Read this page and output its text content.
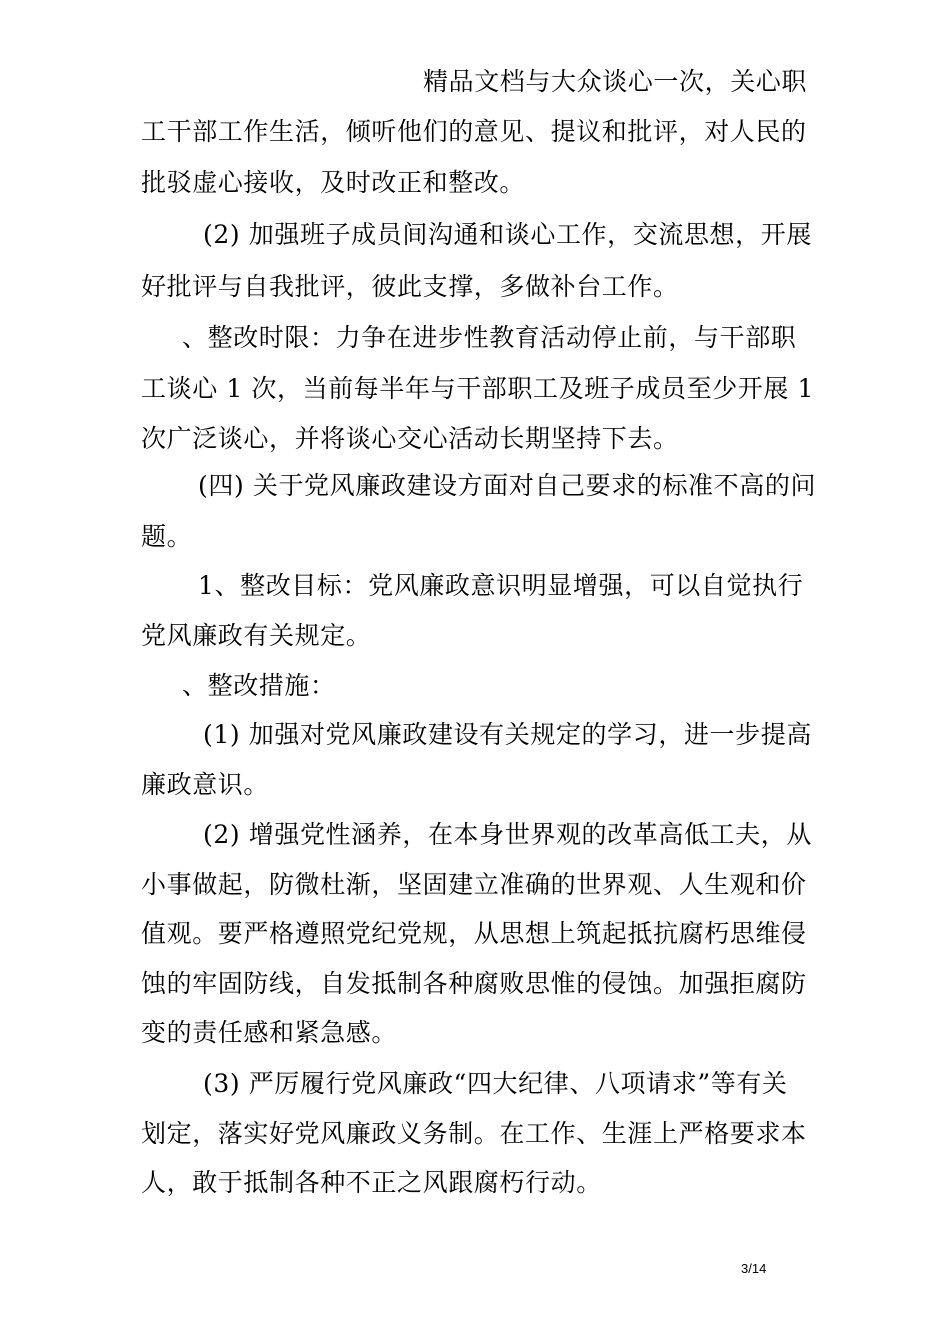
精品文档与大众谈心一次，关心职
工干部工作生活，倾听他们的意见、提议和批评，对人民的
批驳虚心接收，及时改正和整改。
(2) 加强班子成员间沟通和谈心工作，交流思想，开展
好批评与自我批评，彼此支撑，多做补台工作。
、整改时限：力争在进步性教育活动停止前，与干部职
工谈心 1 次，当前每半年与干部职工及班子成员至少开展 1
次广泛谈心，并将谈心交心活动长期坚持下去。
(四) 关于党风廉政建设方面对自己要求的标准不高的问
题。
1、整改目标：党风廉政意识明显增强，可以自觉执行
党风廉政有关规定。
、整改措施：
(1) 加强对党风廉政建设有关规定的学习，进一步提高
廉政意识。
(2) 增强党性涵养，在本身世界观的改革高低工夫，从
小事做起，防微杜渐，坚固建立准确的世界观、人生观和价
值观。要严格遵照党纪党规，从思想上筑起抵抗腐朽思维侵
蚀的牢固防线，自发抵制各种腐败思惟的侵蚀。加强拒腐防
变的责任感和紧急感。
(3) 严厉履行党风廉政“四大纪律、八项请求”等有关
划定，落实好党风廉政义务制。在工作、生涯上严格要求本
人，敢于抵制各种不正之风跟腐朽行动。
3/14
